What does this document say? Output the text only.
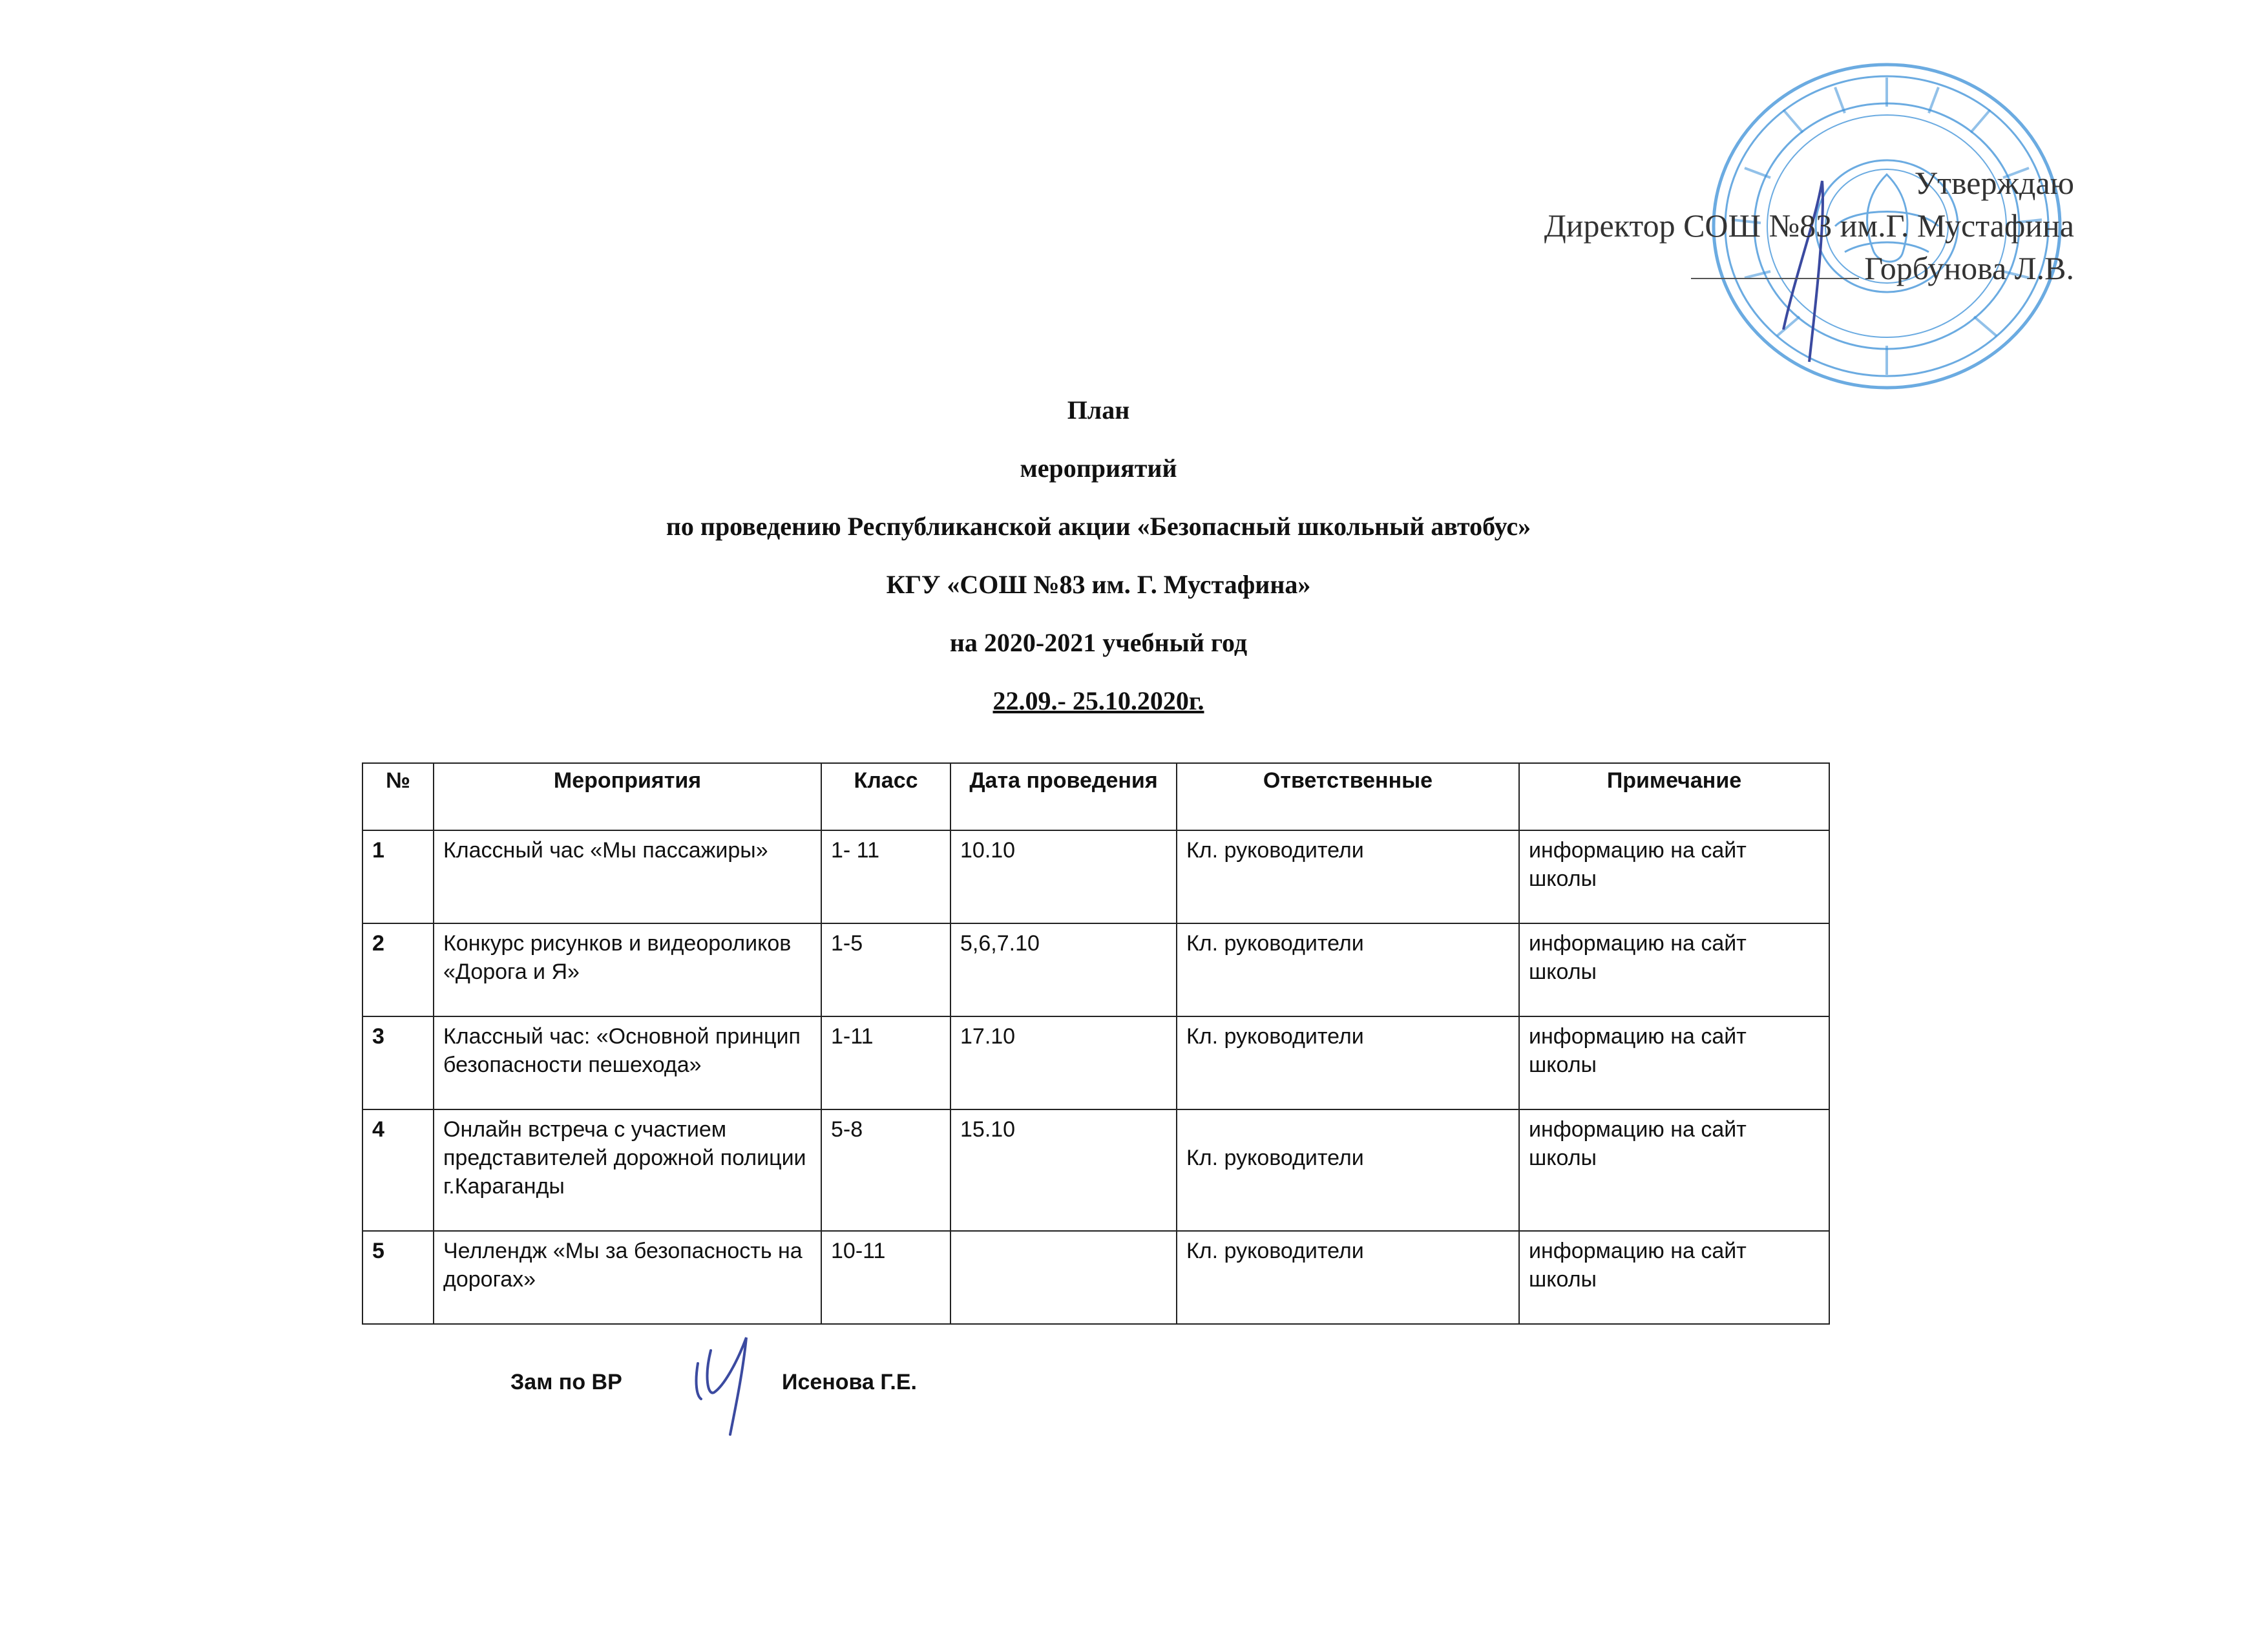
Утверждаю
Директор СОШ №83 им.Г. Мустафина
Горбунова Л.В.
План
мероприятий
по проведению Республиканской акции «Безопасный школьный автобус»
КГУ «СОШ №83 им. Г. Мустафина»
на 2020-2021 учебный год
22.09.- 25.10.2020г.
№	Мероприятия	Класс	Дата проведения	Ответственные	Примечание
1	Классный час «Мы пассажиры»	1- 11	10.10	Кл. руководители	информацию на сайт школы
2	Конкурс рисунков и видеороликов «Дорога и Я»	1-5	5,6,7.10	Кл. руководители	информацию на сайт школы
3	Классный час: «Основной принцип безопасности пешехода»	1-11	17.10	Кл. руководители	информацию на сайт школы
4	Онлайн встреча с участием представителей дорожной полиции г.Караганды	5-8	15.10	Кл. руководители	информацию на сайт школы
5	Челлендж «Мы за безопасность на дорогах»	10-11		Кл. руководители	информацию на сайт школы
Зам по ВР	Исенова Г.Е.
